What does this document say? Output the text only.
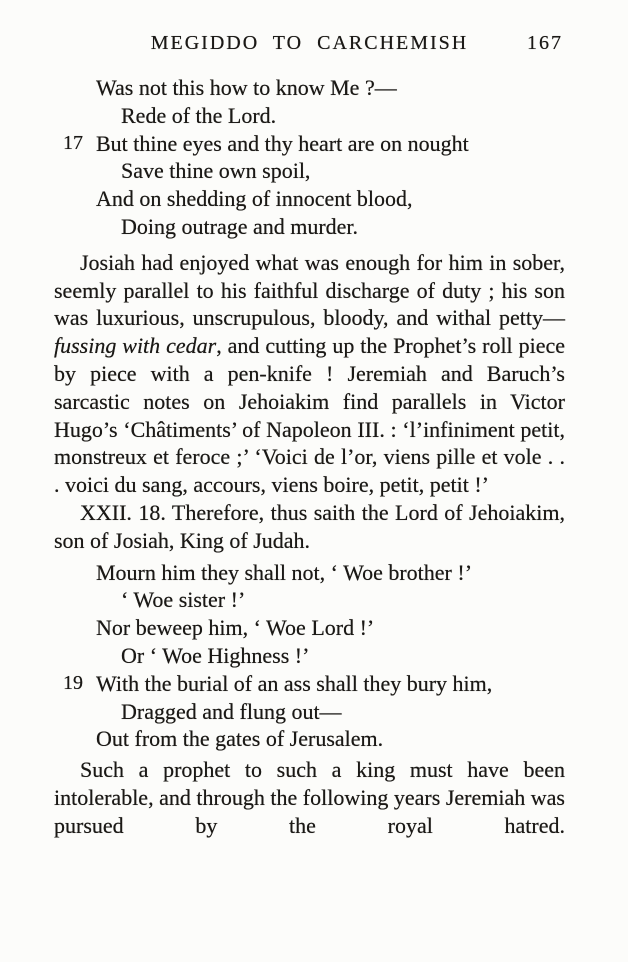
MEGIDDO TO CARCHEMISH	167
Was not this how to know Me ?—
Rede of the Lord.
17 But thine eyes and thy heart are on nought
Save thine own spoil,
And on shedding of innocent blood,
Doing outrage and murder.

Josiah had enjoyed what was enough for him in sober, seemly parallel to his faithful discharge of duty ; his son was luxurious, unscrupulous, bloody, and withal petty—fussing with cedar, and cutting up the Prophet’s roll piece by piece with a pen-knife ! Jeremiah and Baruch’s sarcastic notes on Jehoiakim find parallels in Victor Hugo’s ‘Châtiments’ of Napoleon III. : ‘l’infiniment petit, monstreux et feroce ;’ ‘Voici de l’or, viens pille et vole . . . voici du sang, accours, viens boire, petit, petit !’

XXII. 18. Therefore, thus saith the Lord of Jehoiakim, son of Josiah, King of Judah.

Mourn him they shall not, ‘ Woe brother !’
‘ Woe sister !’
Nor beweep him, ‘ Woe Lord !’
Or ‘ Woe Highness !’
19 With the burial of an ass shall they bury him,
Dragged and flung out—
Out from the gates of Jerusalem.

Such a prophet to such a king must have been intolerable, and through the following years Jeremiah was pursued by the royal hatred.
